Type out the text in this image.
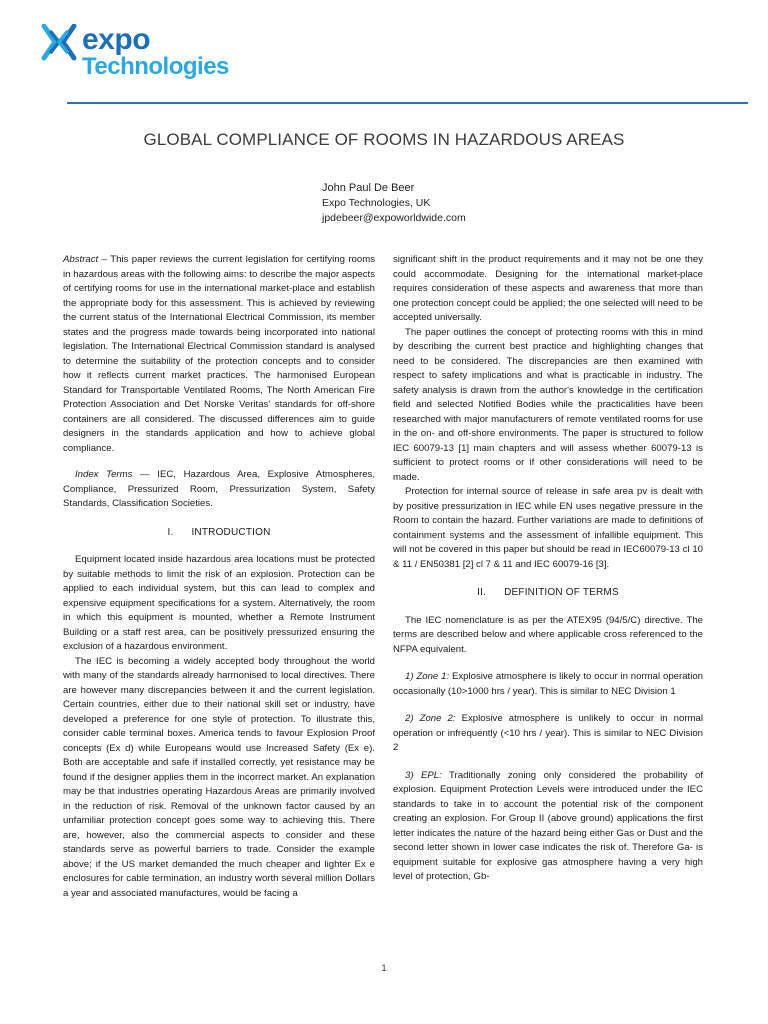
expo
Technologies
GLOBAL COMPLIANCE OF ROOMS IN HAZARDOUS AREAS
John Paul De Beer
Expo Technologies, UK
jpdebeer@expoworldwide.com

Abstract – This paper reviews the current legislation for certifying rooms in hazardous areas with the following aims: to describe the major aspects of certifying rooms for use in the international market-place and establish the appropriate body for this assessment. This is achieved by reviewing the current status of the International Electrical Commission, its member states and the progress made towards being incorporated into national legislation. The International Electrical Commission standard is analysed to determine the suitability of the protection concepts and to consider how it reflects current market practices. The harmonised European Standard for Transportable Ventilated Rooms, The North American Fire Protection Association and Det Norske Veritas' standards for off-shore containers are all considered. The discussed differences aim to guide designers in the standards application and how to achieve global compliance.

Index Terms — IEC, Hazardous Area, Explosive Atmospheres, Compliance, Pressurized Room, Pressurization System, Safety Standards, Classification Societies.

I. INTRODUCTION

Equipment located inside hazardous area locations must be protected by suitable methods to limit the risk of an explosion. Protection can be applied to each individual system, but this can lead to complex and expensive equipment specifications for a system. Alternatively, the room in which this equipment is mounted, whether a Remote Instrument Building or a staff rest area, can be positively pressurized ensuring the exclusion of a hazardous environment.

The IEC is becoming a widely accepted body throughout the world with many of the standards already harmonised to local directives. There are however many discrepancies between it and the current legislation. Certain countries, either due to their national skill set or industry, have developed a preference for one style of protection. To illustrate this, consider cable terminal boxes. America tends to favour Explosion Proof concepts (Ex d) while Europeans would use Increased Safety (Ex e). Both are acceptable and safe if installed correctly, yet resistance may be found if the designer applies them in the incorrect market. An explanation may be that industries operating Hazardous Areas are primarily involved in the reduction of risk. Removal of the unknown factor caused by an unfamiliar protection concept goes some way to achieving this. There are, however, also the commercial aspects to consider and these standards serve as powerful barriers to trade. Consider the example above; if the US market demanded the much cheaper and lighter Ex e enclosures for cable termination, an industry worth several million Dollars a year and associated manufactures, would be facing a

significant shift in the product requirements and it may not be one they could accommodate. Designing for the international market-place requires consideration of these aspects and awareness that more than one protection concept could be applied; the one selected will need to be accepted universally.

The paper outlines the concept of protecting rooms with this in mind by describing the current best practice and highlighting changes that need to be considered. The discrepancies are then examined with respect to safety implications and what is practicable in industry. The safety analysis is drawn from the author's knowledge in the certification field and selected Notified Bodies while the practicalities have been researched with major manufacturers of remote ventilated rooms for use in the on- and off-shore environments. The paper is structured to follow IEC 60079-13 [1] main chapters and will assess whether 60079-13 is sufficient to protect rooms or if other considerations will need to be made.

Protection for internal source of release in safe area pv is dealt with by positive pressurization in IEC while EN uses negative pressure in the Room to contain the hazard. Further variations are made to definitions of containment systems and the assessment of infallible equipment. This will not be covered in this paper but should be read in IEC60079-13 cl 10 & 11 / EN50381 [2] cl 7 & 11 and IEC 60079-16 [3].

II. DEFINITION OF TERMS

The IEC nomenclature is as per the ATEX95 (94/5/C) directive. The terms are described below and where applicable cross referenced to the NFPA equivalent.

1) Zone 1: Explosive atmosphere is likely to occur in normal operation occasionally (10>1000 hrs / year). This is similar to NEC Division 1

2) Zone 2: Explosive atmosphere is unlikely to occur in normal operation or infrequently (<10 hrs / year). This is similar to NEC Division 2

3) EPL: Traditionally zoning only considered the probability of explosion. Equipment Protection Levels were introduced under the IEC standards to take in to account the potential risk of the component creating an explosion. For Group II (above ground) applications the first letter indicates the nature of the hazard being either Gas or Dust and the second letter shown in lower case indicates the risk of. Therefore Ga- is equipment suitable for explosive gas atmosphere having a very high level of protection, Gb-

1
